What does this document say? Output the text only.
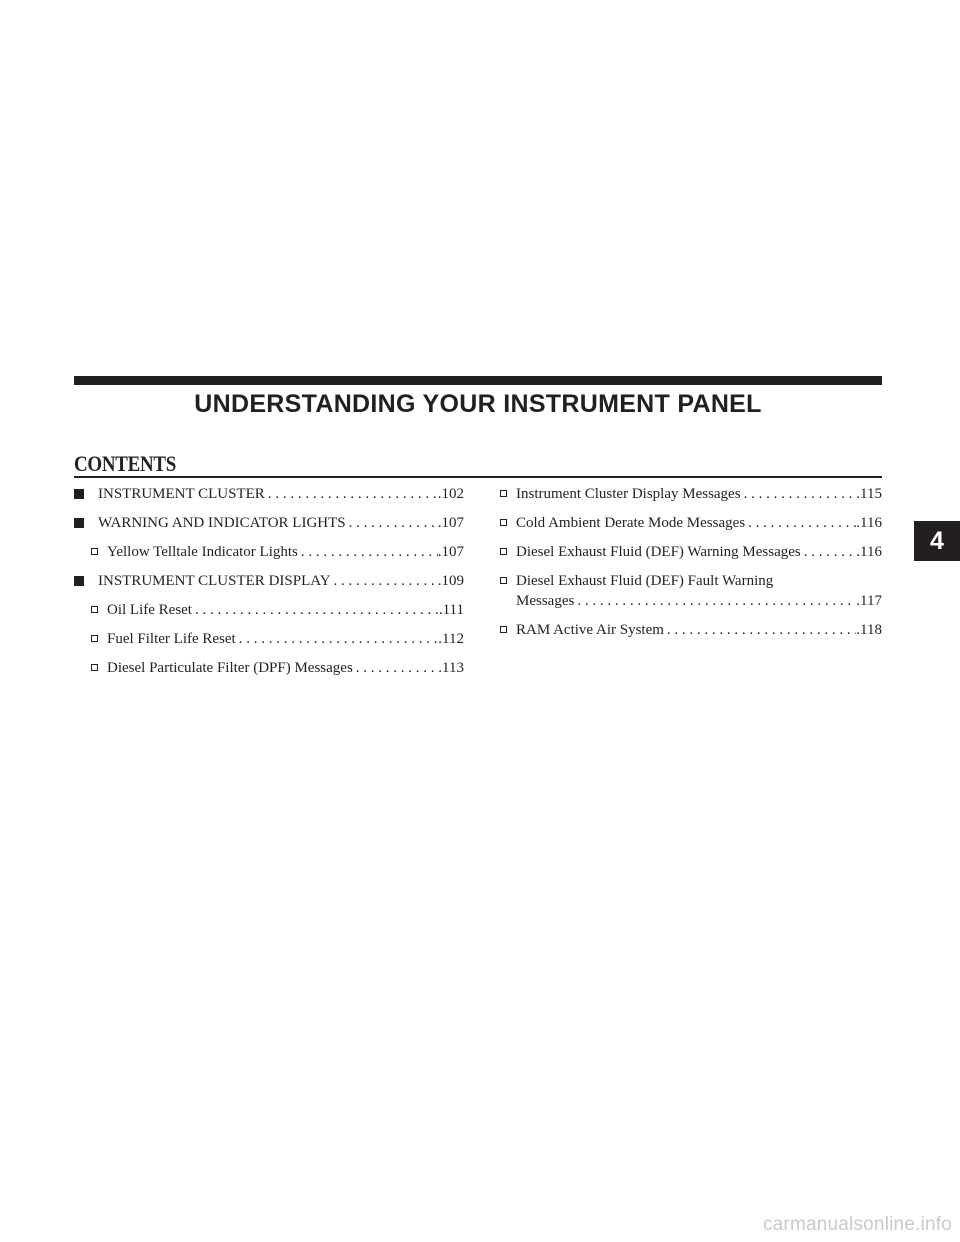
UNDERSTANDING YOUR INSTRUMENT PANEL
CONTENTS
INSTRUMENT CLUSTER . . .	.102
WARNING AND INDICATOR LIGHTS . . .	.107
Yellow Telltale Indicator Lights . . .	.107
INSTRUMENT CLUSTER DISPLAY . . .	.109
Oil Life Reset . . .	.111
Fuel Filter Life Reset . . .	.112
Diesel Particulate Filter (DPF) Messages . . .	.113
Instrument Cluster Display Messages . . .	.115
Cold Ambient Derate Mode Messages . . .	.116
Diesel Exhaust Fluid (DEF) Warning Messages . . .	.116
Diesel Exhaust Fluid (DEF) Fault Warning
Messages . . .	.117
RAM Active Air System . . .	.118
4
carmanualsonline.info
